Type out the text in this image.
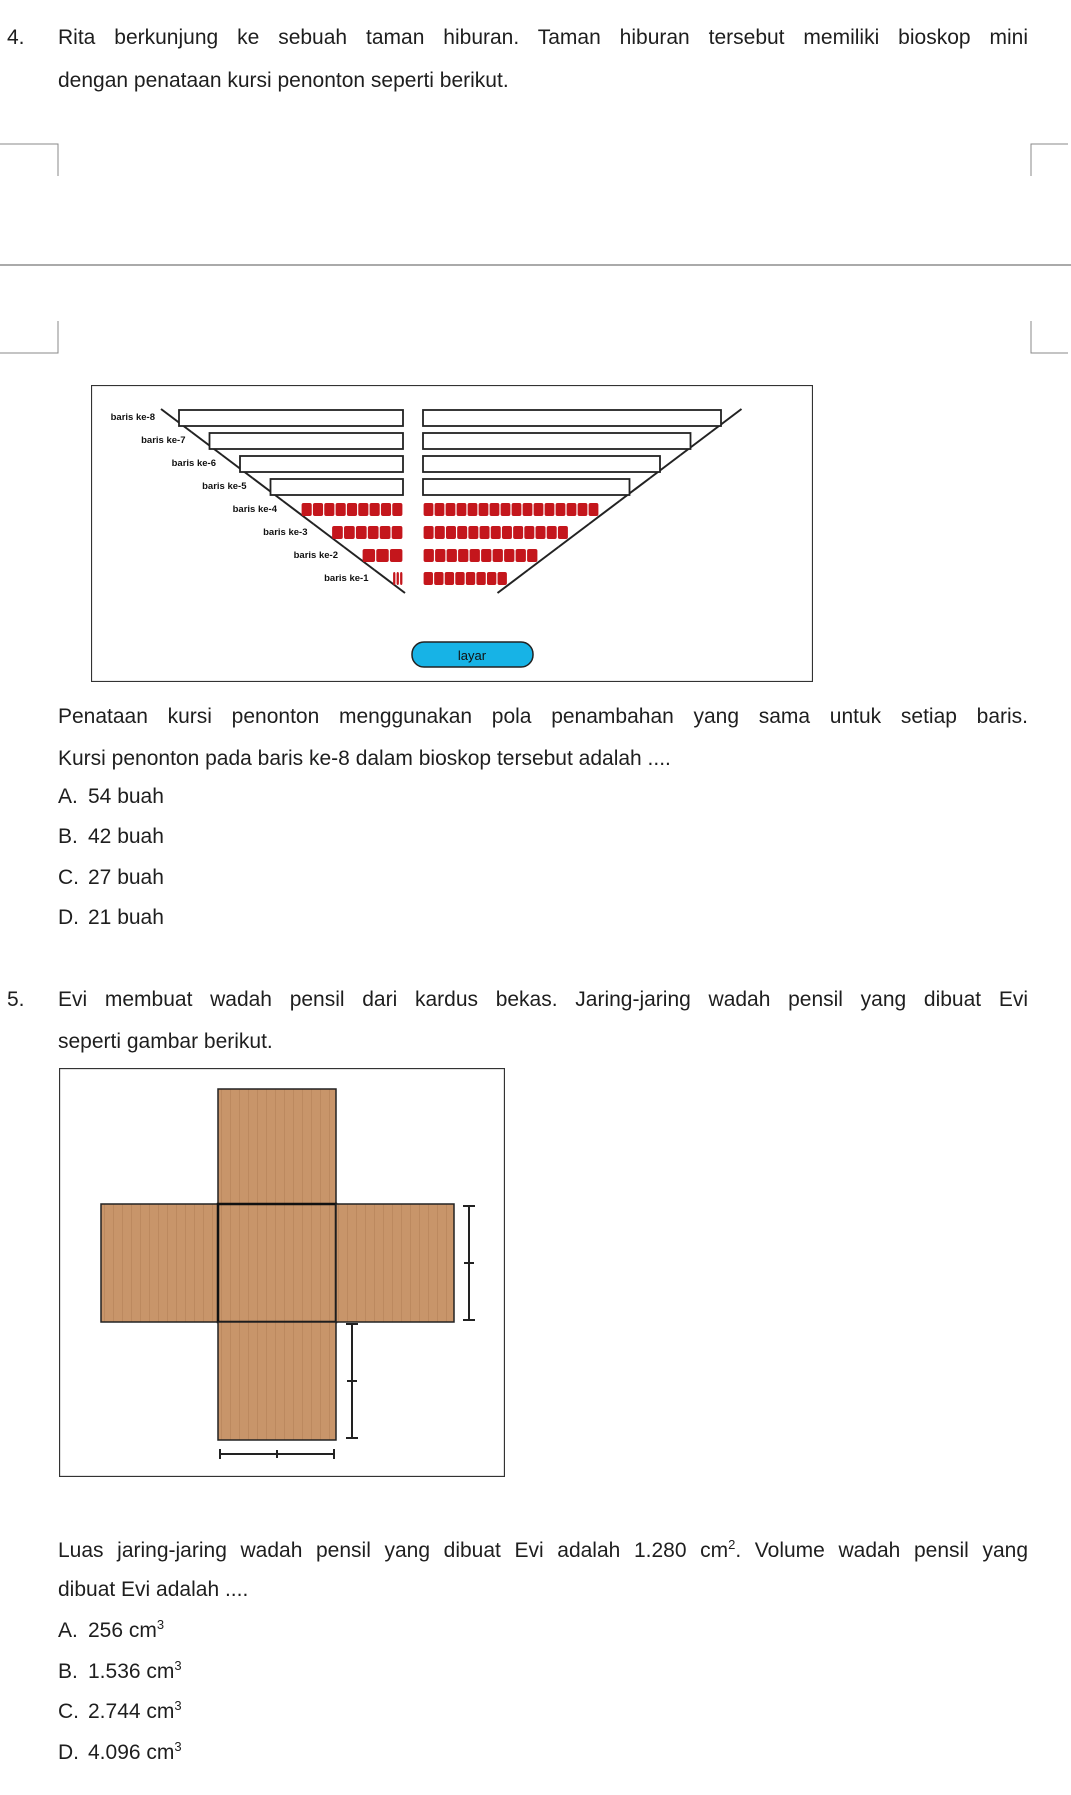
4. Rita berkunjung ke sebuah taman hiburan. Taman hiburan tersebut memiliki bioskop mini
dengan penataan kursi penonton seperti berikut.
baris ke-8
baris ke-7
baris ke-6
baris ke-5
baris ke-4
baris ke-3
baris ke-2
baris ke-1
layar
Penataan kursi penonton menggunakan pola penambahan yang sama untuk setiap baris.
Kursi penonton pada baris ke-8 dalam bioskop tersebut adalah ....
A. 54 buah
B. 42 buah
C. 27 buah
D. 21 buah
5. Evi membuat wadah pensil dari kardus bekas. Jaring-jaring wadah pensil yang dibuat Evi
seperti gambar berikut.
Luas jaring-jaring wadah pensil yang dibuat Evi adalah 1.280 $cm^2$. Volume wadah pensil yang
dibuat Evi adalah ....
A. 256 $cm^3$
B. 1.536 $cm^3$
C. 2.744 $cm^3$
D. 4.096 $cm^3$
